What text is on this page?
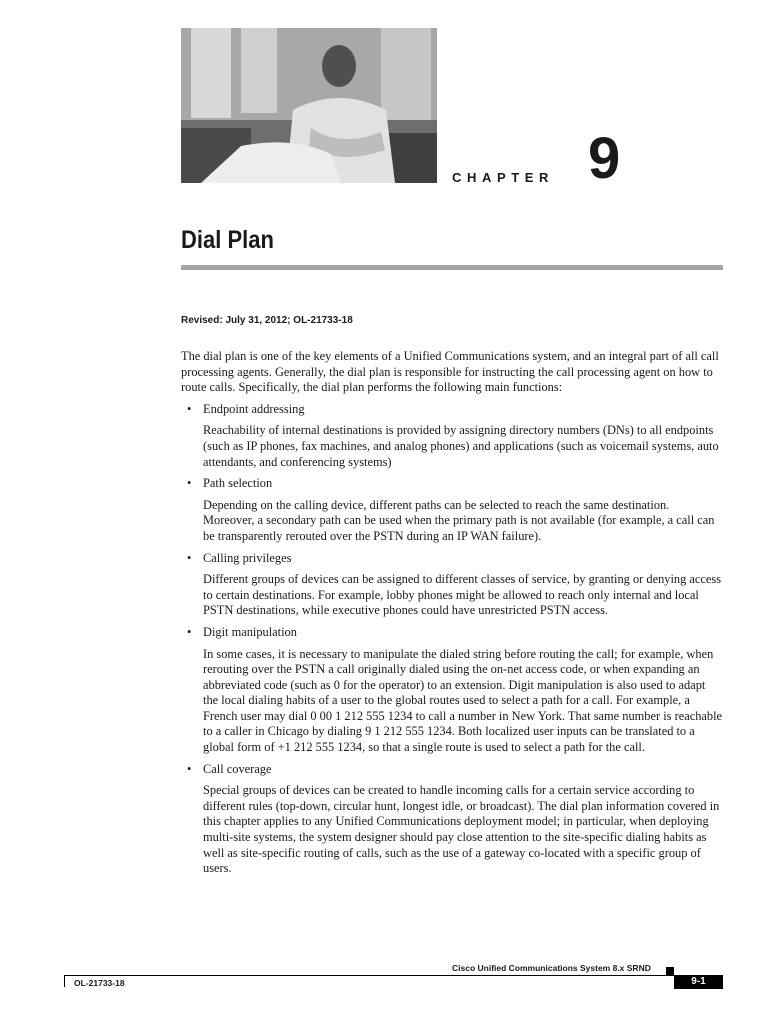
CHAPTER 9
Dial Plan
Revised: July 31, 2012; OL-21733-18

The dial plan is one of the key elements of a Unified Communications system, and an integral part of all call processing agents. Generally, the dial plan is responsible for instructing the call processing agent on how to route calls. Specifically, the dial plan performs the following main functions:

• Endpoint addressing

Reachability of internal destinations is provided by assigning directory numbers (DNs) to all endpoints (such as IP phones, fax machines, and analog phones) and applications (such as voicemail systems, auto attendants, and conferencing systems)

• Path selection

Depending on the calling device, different paths can be selected to reach the same destination. Moreover, a secondary path can be used when the primary path is not available (for example, a call can be transparently rerouted over the PSTN during an IP WAN failure).

• Calling privileges

Different groups of devices can be assigned to different classes of service, by granting or denying access to certain destinations. For example, lobby phones might be allowed to reach only internal and local PSTN destinations, while executive phones could have unrestricted PSTN access.

• Digit manipulation

In some cases, it is necessary to manipulate the dialed string before routing the call; for example, when rerouting over the PSTN a call originally dialed using the on-net access code, or when expanding an abbreviated code (such as 0 for the operator) to an extension. Digit manipulation is also used to adapt the local dialing habits of a user to the global routes used to select a path for a call. For example, a French user may dial 0 00 1 212 555 1234 to call a number in New York. That same number is reachable to a caller in Chicago by dialing 9 1 212 555 1234. Both localized user inputs can be translated to a global form of +1 212 555 1234, so that a single route is used to select a path for the call.

• Call coverage

Special groups of devices can be created to handle incoming calls for a certain service according to different rules (top-down, circular hunt, longest idle, or broadcast). The dial plan information covered in this chapter applies to any Unified Communications deployment model; in particular, when deploying multi-site systems, the system designer should pay close attention to the site-specific dialing habits as well as site-specific routing of calls, such as the use of a gateway co-located with a specific group of users.

Cisco Unified Communications System 8.x SRND
OL-21733-18	9-1
